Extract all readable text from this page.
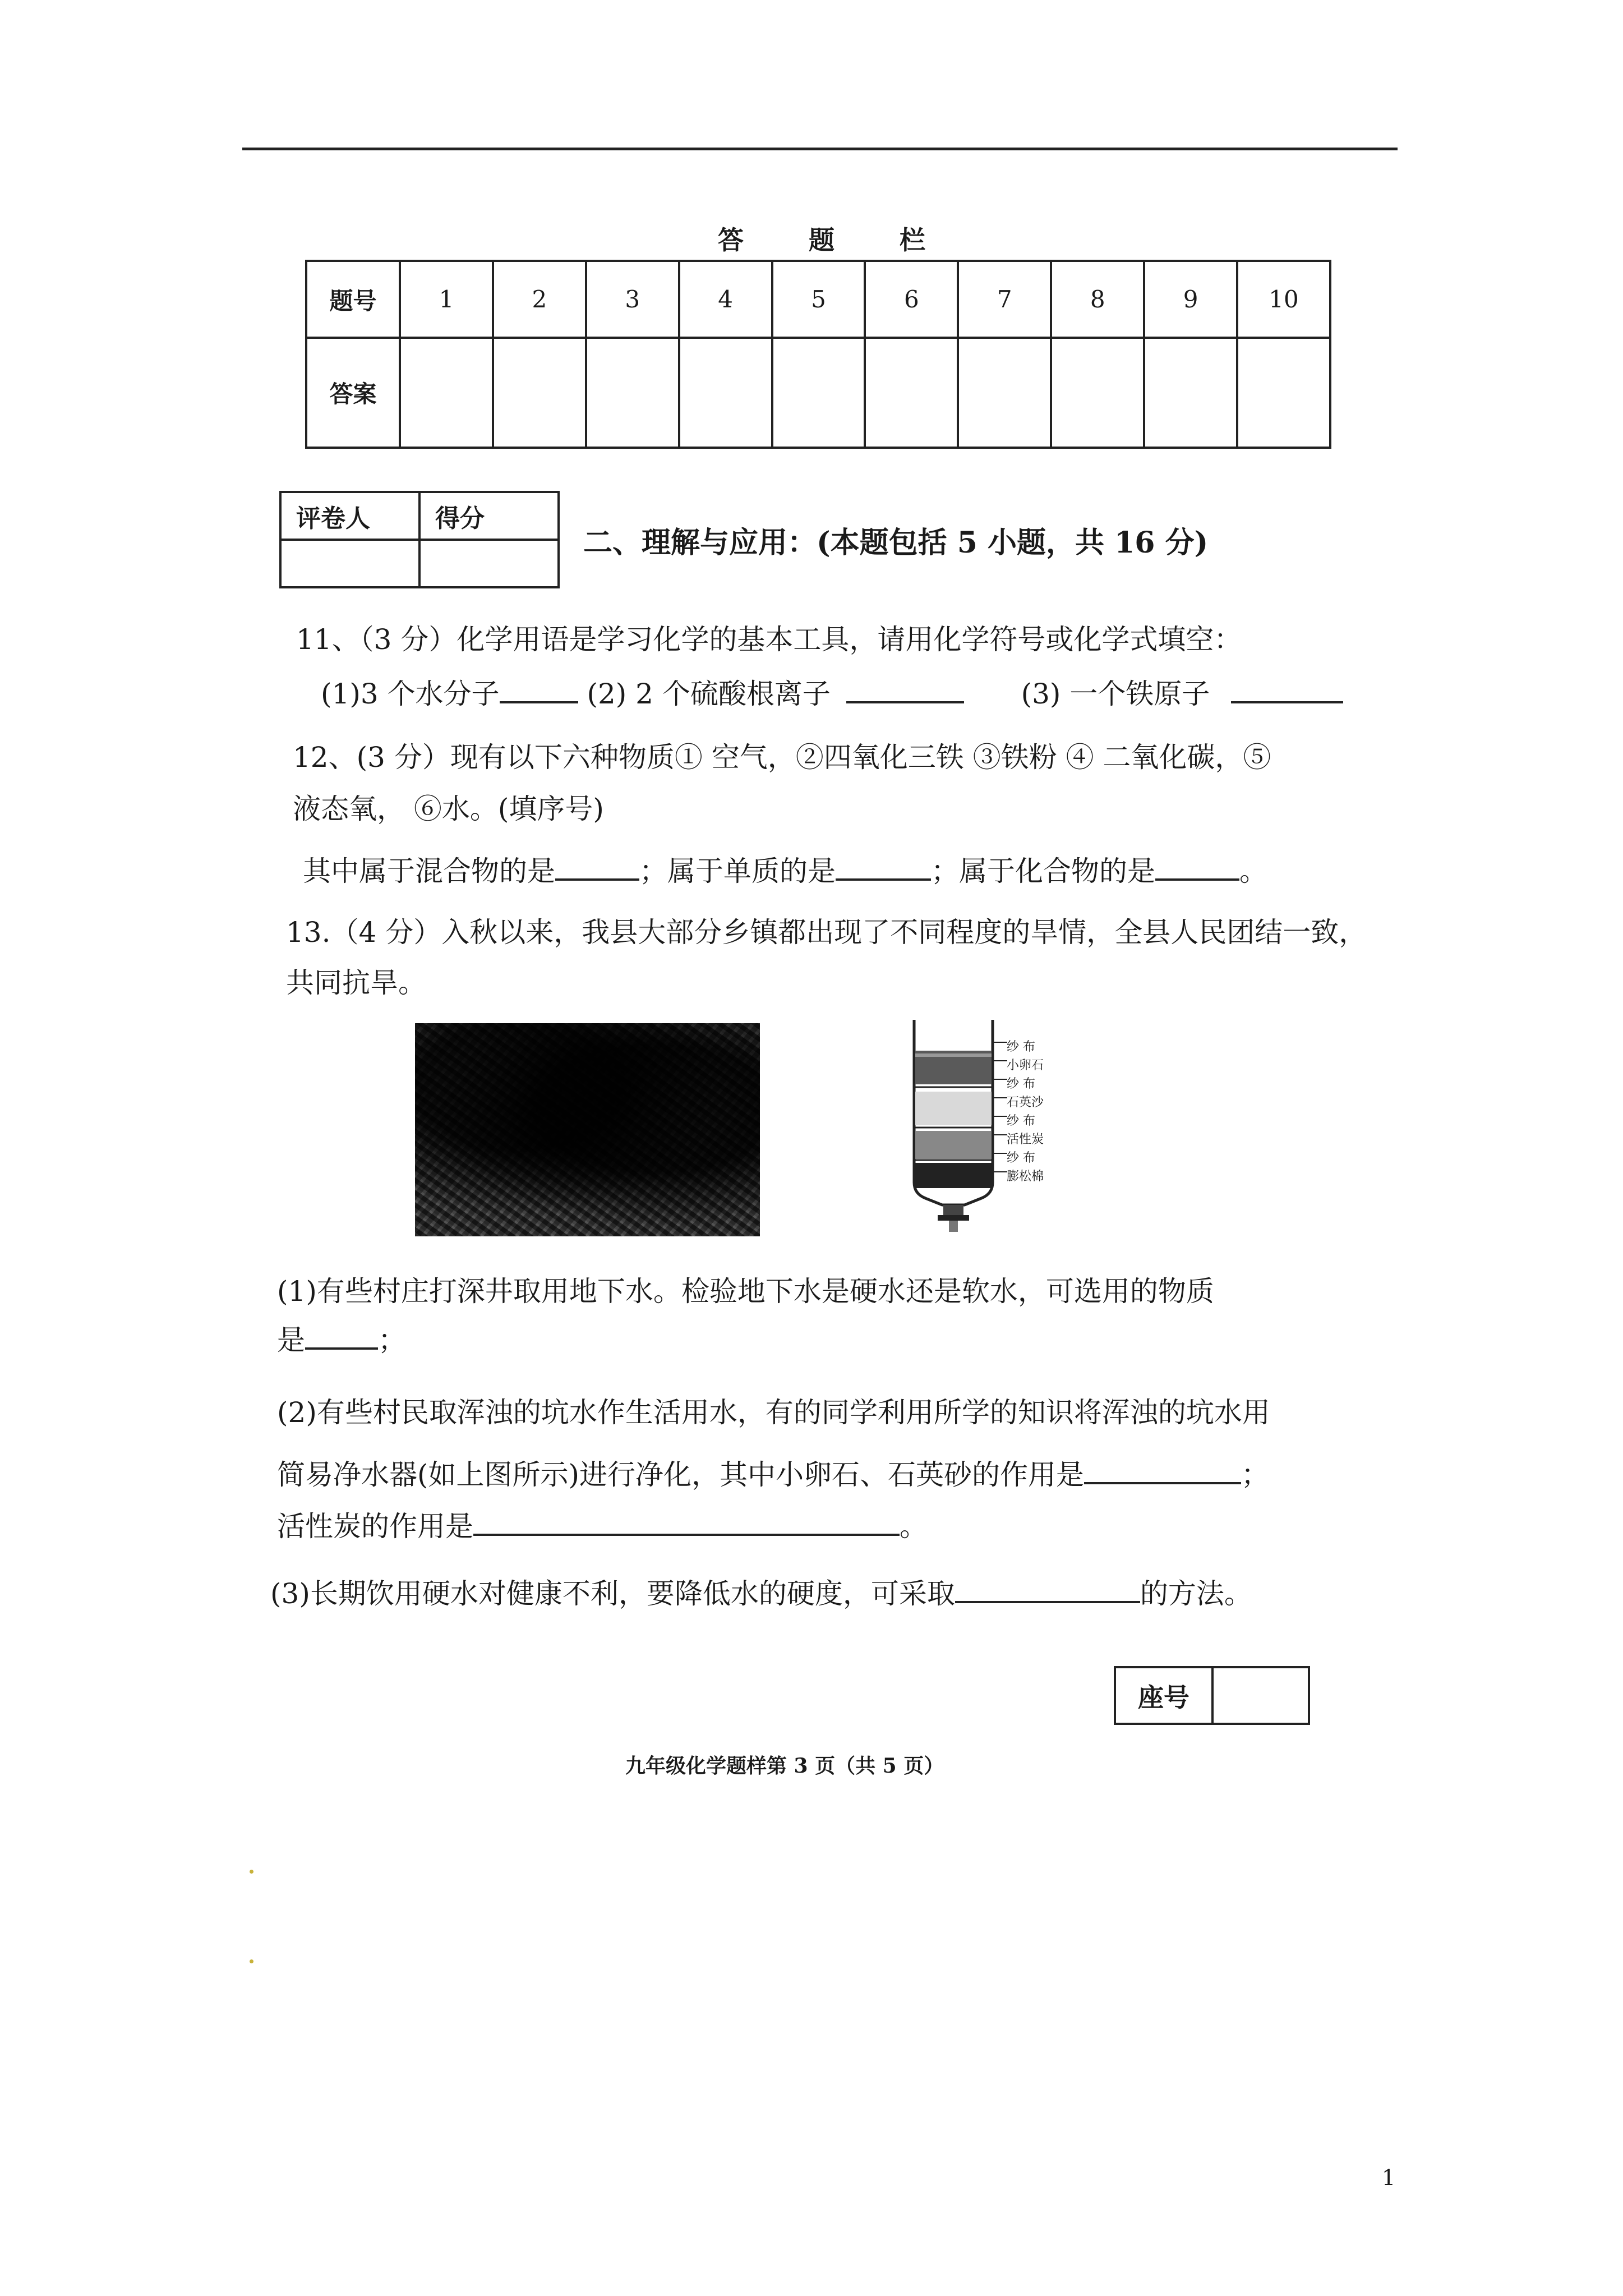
答 题 栏
题号	1	2	3	4	5	6	7	8	9	10
答案										
评卷人	得分

二、理解与应用：(本题包括 5 小题，共 16 分)
11、（3 分）化学用语是学习化学的基本工具，请用化学符号或化学式填空：
(1)3 个水分子	(2) 2 个硫酸根离子	(3) 一个铁原子
12、(3 分）现有以下六种物质① 空气，②四氧化三铁 ③铁粉 ④ 二氧化碳，⑤
液态氧， ⑥水。(填序号)
其中属于混合物的是	；属于单质的是	；属于化合物的是	。
13.（4 分）入秋以来，我县大部分乡镇都出现了不同程度的旱情，全县人民团结一致，
共同抗旱。
纱 布
小卵石
纱 布
石英沙
纱 布
活性炭
纱 布
膨松棉
(1)有些村庄打深井取用地下水。检验地下水是硬水还是软水，可选用的物质
是	；
(2)有些村民取浑浊的坑水作生活用水，有的同学利用所学的知识将浑浊的坑水用
简易净水器(如上图所示)进行净化，其中小卵石、石英砂的作用是	；
活性炭的作用是	。
(3)长期饮用硬水对健康不利，要降低水的硬度，可采取	的方法。
座号
九年级化学题样第 3 页（共 5 页）
1
